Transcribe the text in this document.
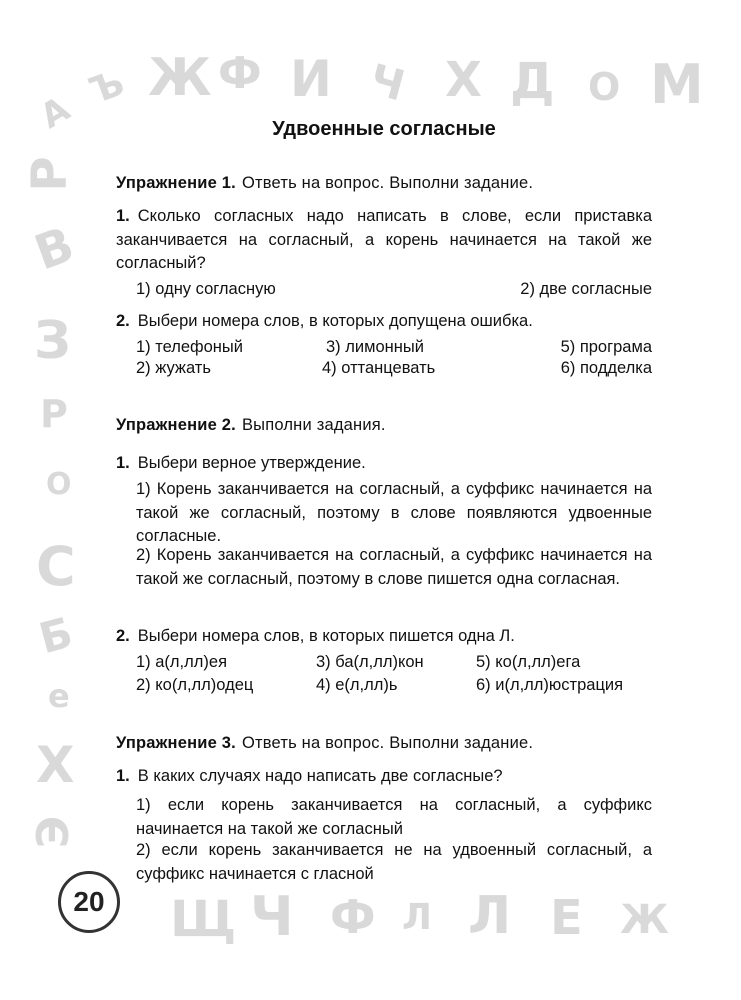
А
Ъ Ж Ф И Ч Х Д О М
Р
В
З
Р
О
С
Б
е
Х
Э
Щ Ч Ф Л Л Е Ж
20
Удвоенные согласные
Упражнение 1. Ответь на вопрос. Выполни задание.
1. Сколько согласных надо написать в слове, если приставка заканчивается на согласный, а корень начинается на такой же согласный?
1) одну согласную	2) две согласные
2. Выбери номера слов, в которых допущена ошибка.
1) телефоный	3) лимонный	5) програма
2) жужать	4) оттанцевать	6) подделка
Упражнение 2. Выполни задания.
1. Выбери верное утверждение.
1) Корень заканчивается на согласный, а суффикс начинается на такой же согласный, поэтому в слове появляются удвоенные согласные.
2) Корень заканчивается на согласный, а суффикс начинается на такой же согласный, поэтому в слове пишется одна согласная.
2. Выбери номера слов, в которых пишется одна Л.
1) а(л,лл)ея	3) ба(л,лл)кон	5) ко(л,лл)ега
2) ко(л,лл)одец	4) е(л,лл)ь	6) и(л,лл)юстрация
Упражнение 3. Ответь на вопрос. Выполни задание.
1. В каких случаях надо написать две согласные?
1) если корень заканчивается на согласный, а суффикс начинается на такой же согласный
2) если корень заканчивается не на удвоенный согласный, а суффикс начинается с гласной
